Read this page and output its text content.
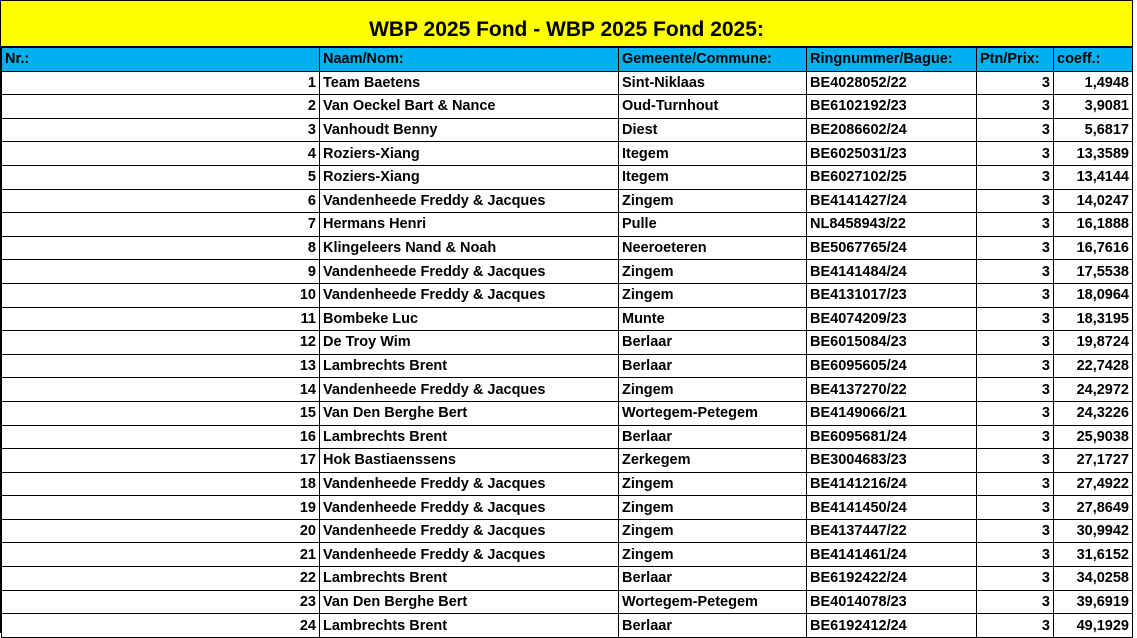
WBP 2025 Fond - WBP 2025 Fond 2025:
Nr.:	Naam/Nom:	Gemeente/Commune:	Ringnummer/Bague:	Ptn/Prix:	coeff.:
1	Team Baetens	Sint-Niklaas	BE4028052/22	3	1,4948
2	Van Oeckel Bart & Nance	Oud-Turnhout	BE6102192/23	3	3,9081
3	Vanhoudt Benny	Diest	BE2086602/24	3	5,6817
4	Roziers-Xiang	Itegem	BE6025031/23	3	13,3589
5	Roziers-Xiang	Itegem	BE6027102/25	3	13,4144
6	Vandenheede Freddy & Jacques	Zingem	BE4141427/24	3	14,0247
7	Hermans Henri	Pulle	NL8458943/22	3	16,1888
8	Klingeleers Nand & Noah	Neeroeteren	BE5067765/24	3	16,7616
9	Vandenheede Freddy & Jacques	Zingem	BE4141484/24	3	17,5538
10	Vandenheede Freddy & Jacques	Zingem	BE4131017/23	3	18,0964
11	Bombeke Luc	Munte	BE4074209/23	3	18,3195
12	De Troy Wim	Berlaar	BE6015084/23	3	19,8724
13	Lambrechts Brent	Berlaar	BE6095605/24	3	22,7428
14	Vandenheede Freddy & Jacques	Zingem	BE4137270/22	3	24,2972
15	Van Den Berghe Bert	Wortegem-Petegem	BE4149066/21	3	24,3226
16	Lambrechts Brent	Berlaar	BE6095681/24	3	25,9038
17	Hok Bastiaenssens	Zerkegem	BE3004683/23	3	27,1727
18	Vandenheede Freddy & Jacques	Zingem	BE4141216/24	3	27,4922
19	Vandenheede Freddy & Jacques	Zingem	BE4141450/24	3	27,8649
20	Vandenheede Freddy & Jacques	Zingem	BE4137447/22	3	30,9942
21	Vandenheede Freddy & Jacques	Zingem	BE4141461/24	3	31,6152
22	Lambrechts Brent	Berlaar	BE6192422/24	3	34,0258
23	Van Den Berghe Bert	Wortegem-Petegem	BE4014078/23	3	39,6919
24	Lambrechts Brent	Berlaar	BE6192412/24	3	49,1929
